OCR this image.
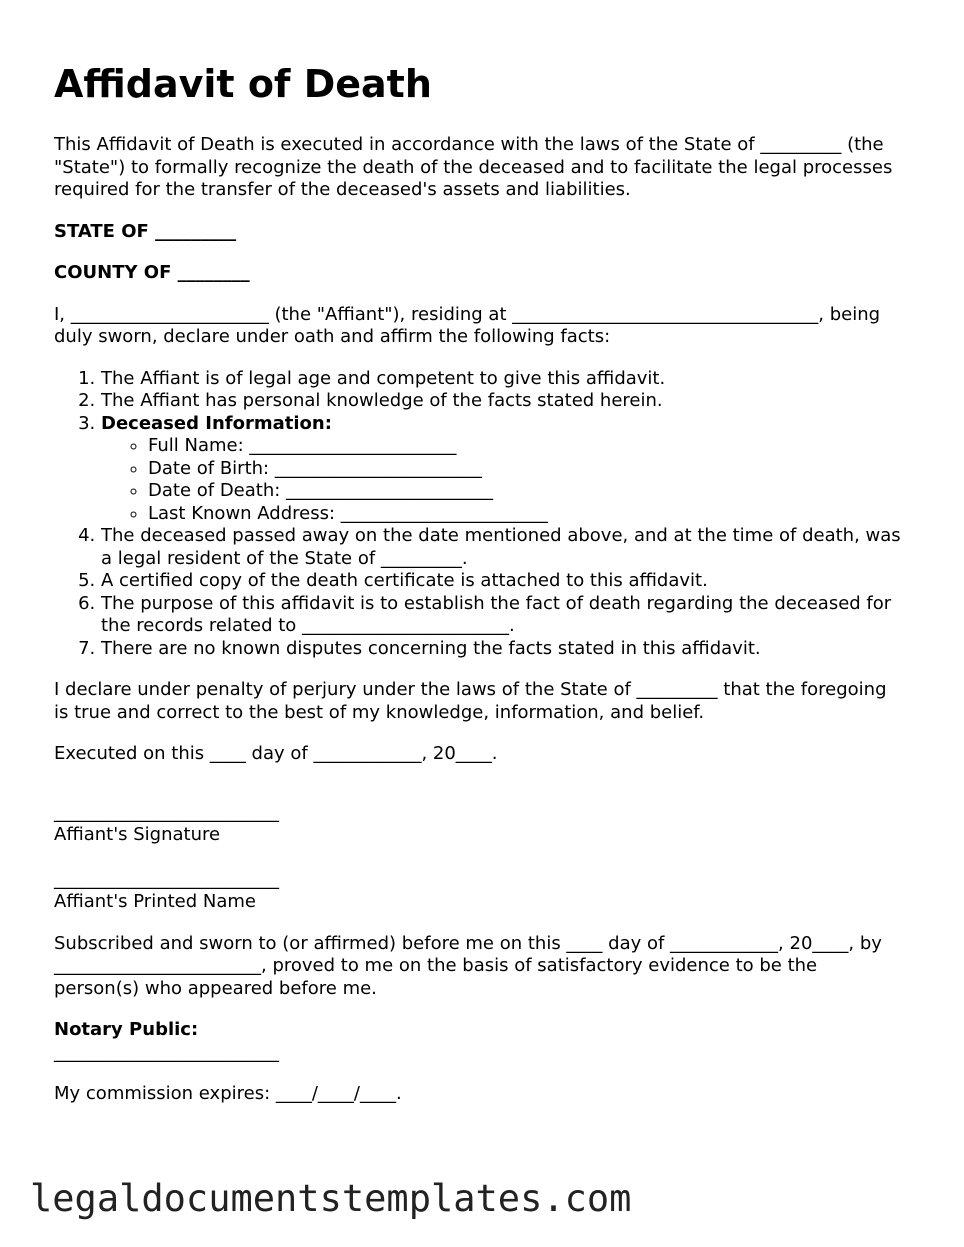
Affidavit of Death

This Affidavit of Death is executed in accordance with the laws of the State of _________ (the "State") to formally recognize the death of the deceased and to facilitate the legal processes required for the transfer of the deceased's assets and liabilities.

STATE OF _________

COUNTY OF ________

I, ______________________ (the "Affiant"), residing at __________________________________, being duly sworn, declare under oath and affirm the following facts:

1. The Affiant is of legal age and competent to give this affidavit.
2. The Affiant has personal knowledge of the facts stated herein.
3. Deceased Information:
◦ Full Name: _______________________
◦ Date of Birth: _______________________
◦ Date of Death: _______________________
◦ Last Known Address: _______________________
4. The deceased passed away on the date mentioned above, and at the time of death, was a legal resident of the State of _________.
5. A certified copy of the death certificate is attached to this affidavit.
6. The purpose of this affidavit is to establish the fact of death regarding the deceased for the records related to _______________________.
7. There are no known disputes concerning the facts stated in this affidavit.

I declare under penalty of perjury under the laws of the State of _________ that the foregoing is true and correct to the best of my knowledge, information, and belief.

Executed on this ____ day of ____________, 20____.

_________________________
Affiant's Signature
_________________________
Affiant's Printed Name

Subscribed and sworn to (or affirmed) before me on this ____ day of ____________, 20____, by _______________________, proved to me on the basis of satisfactory evidence to be the person(s) who appeared before me.

Notary Public:
_________________________

My commission expires: ____/____/____.

legaldocumentstemplates.com
